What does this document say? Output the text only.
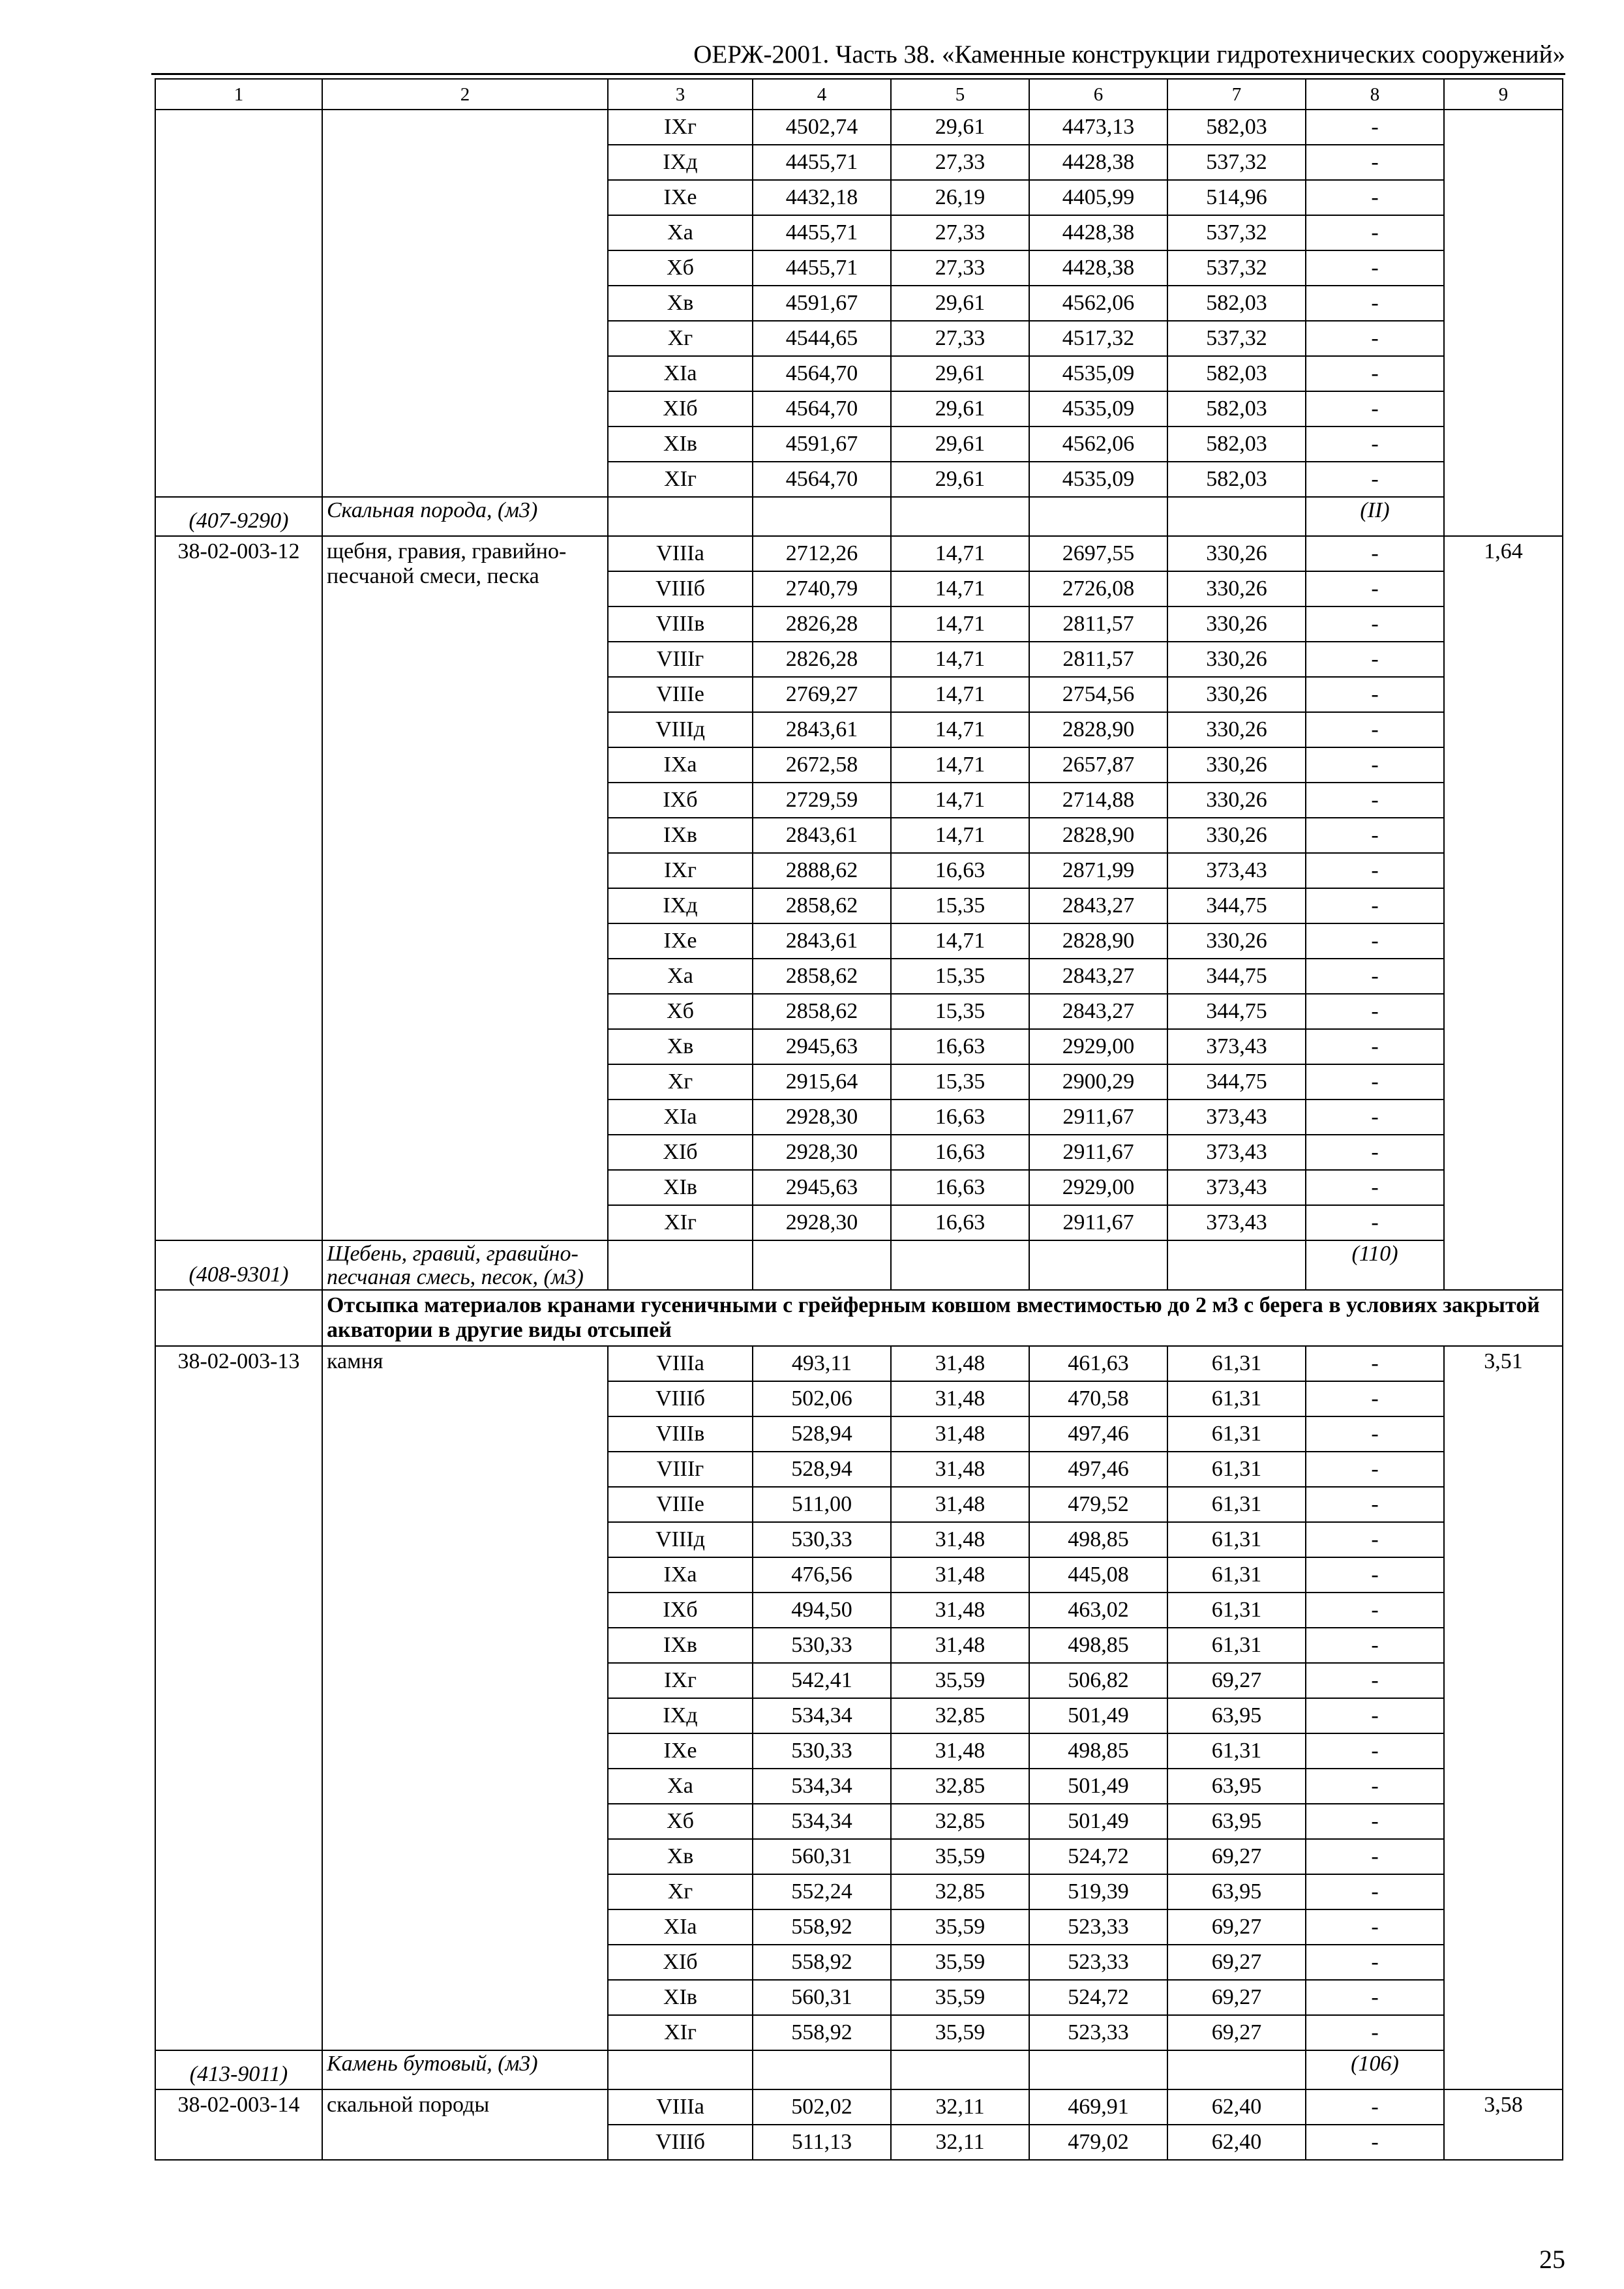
ОЕРЖ-2001. Часть 38. «Каменные конструкции гидротехнических сооружений»
1	2	3	4	5	6	7	8	9
		IXг	4502,74	29,61	4473,13	582,03	-	
		IXд	4455,71	27,33	4428,38	537,32	-	
		IXе	4432,18	26,19	4405,99	514,96	-	
		Xа	4455,71	27,33	4428,38	537,32	-	
		Xб	4455,71	27,33	4428,38	537,32	-	
		Xв	4591,67	29,61	4562,06	582,03	-	
		Xг	4544,65	27,33	4517,32	537,32	-	
		XIа	4564,70	29,61	4535,09	582,03	-	
		XIб	4564,70	29,61	4535,09	582,03	-	
		XIв	4591,67	29,61	4562,06	582,03	-	
		XIг	4564,70	29,61	4535,09	582,03	-	
(407-9290)	Скальная порода, (м3)						(II)	
38-02-003-12	щебня, гравия, гравийно-песчаной смеси, песка	VIIIа	2712,26	14,71	2697,55	330,26	-	1,64
		VIIIб	2740,79	14,71	2726,08	330,26	-	
		VIIIв	2826,28	14,71	2811,57	330,26	-	
		VIIIг	2826,28	14,71	2811,57	330,26	-	
		VIIIе	2769,27	14,71	2754,56	330,26	-	
		VIIIд	2843,61	14,71	2828,90	330,26	-	
		IXа	2672,58	14,71	2657,87	330,26	-	
		IXб	2729,59	14,71	2714,88	330,26	-	
		IXв	2843,61	14,71	2828,90	330,26	-	
		IXг	2888,62	16,63	2871,99	373,43	-	
		IXд	2858,62	15,35	2843,27	344,75	-	
		IXе	2843,61	14,71	2828,90	330,26	-	
		Xа	2858,62	15,35	2843,27	344,75	-	
		Xб	2858,62	15,35	2843,27	344,75	-	
		Xв	2945,63	16,63	2929,00	373,43	-	
		Xг	2915,64	15,35	2900,29	344,75	-	
		XIа	2928,30	16,63	2911,67	373,43	-	
		XIб	2928,30	16,63	2911,67	373,43	-	
		XIв	2945,63	16,63	2929,00	373,43	-	
		XIг	2928,30	16,63	2911,67	373,43	-	
(408-9301)	Щебень, гравий, гравийно-песчаная смесь, песок, (м3)						(110)	
	Отсыпка материалов кранами гусеничными с грейферным ковшом вместимостью до 2 м3 с берега в условиях закрытой акватории в другие виды отсыпей							
38-02-003-13	камня	VIIIа	493,11	31,48	461,63	61,31	-	3,51
		VIIIб	502,06	31,48	470,58	61,31	-	
		VIIIв	528,94	31,48	497,46	61,31	-	
		VIIIг	528,94	31,48	497,46	61,31	-	
		VIIIе	511,00	31,48	479,52	61,31	-	
		VIIIд	530,33	31,48	498,85	61,31	-	
		IXа	476,56	31,48	445,08	61,31	-	
		IXб	494,50	31,48	463,02	61,31	-	
		IXв	530,33	31,48	498,85	61,31	-	
		IXг	542,41	35,59	506,82	69,27	-	
		IXд	534,34	32,85	501,49	63,95	-	
		IXе	530,33	31,48	498,85	61,31	-	
		Xа	534,34	32,85	501,49	63,95	-	
		Xб	534,34	32,85	501,49	63,95	-	
		Xв	560,31	35,59	524,72	69,27	-	
		Xг	552,24	32,85	519,39	63,95	-	
		XIа	558,92	35,59	523,33	69,27	-	
		XIб	558,92	35,59	523,33	69,27	-	
		XIв	560,31	35,59	524,72	69,27	-	
		XIг	558,92	35,59	523,33	69,27	-	
(413-9011)	Камень бутовый, (м3)						(106)	
38-02-003-14	скальной породы	VIIIа	502,02	32,11	469,91	62,40	-	3,58
		VIIIб	511,13	32,11	479,02	62,40	-	
25
